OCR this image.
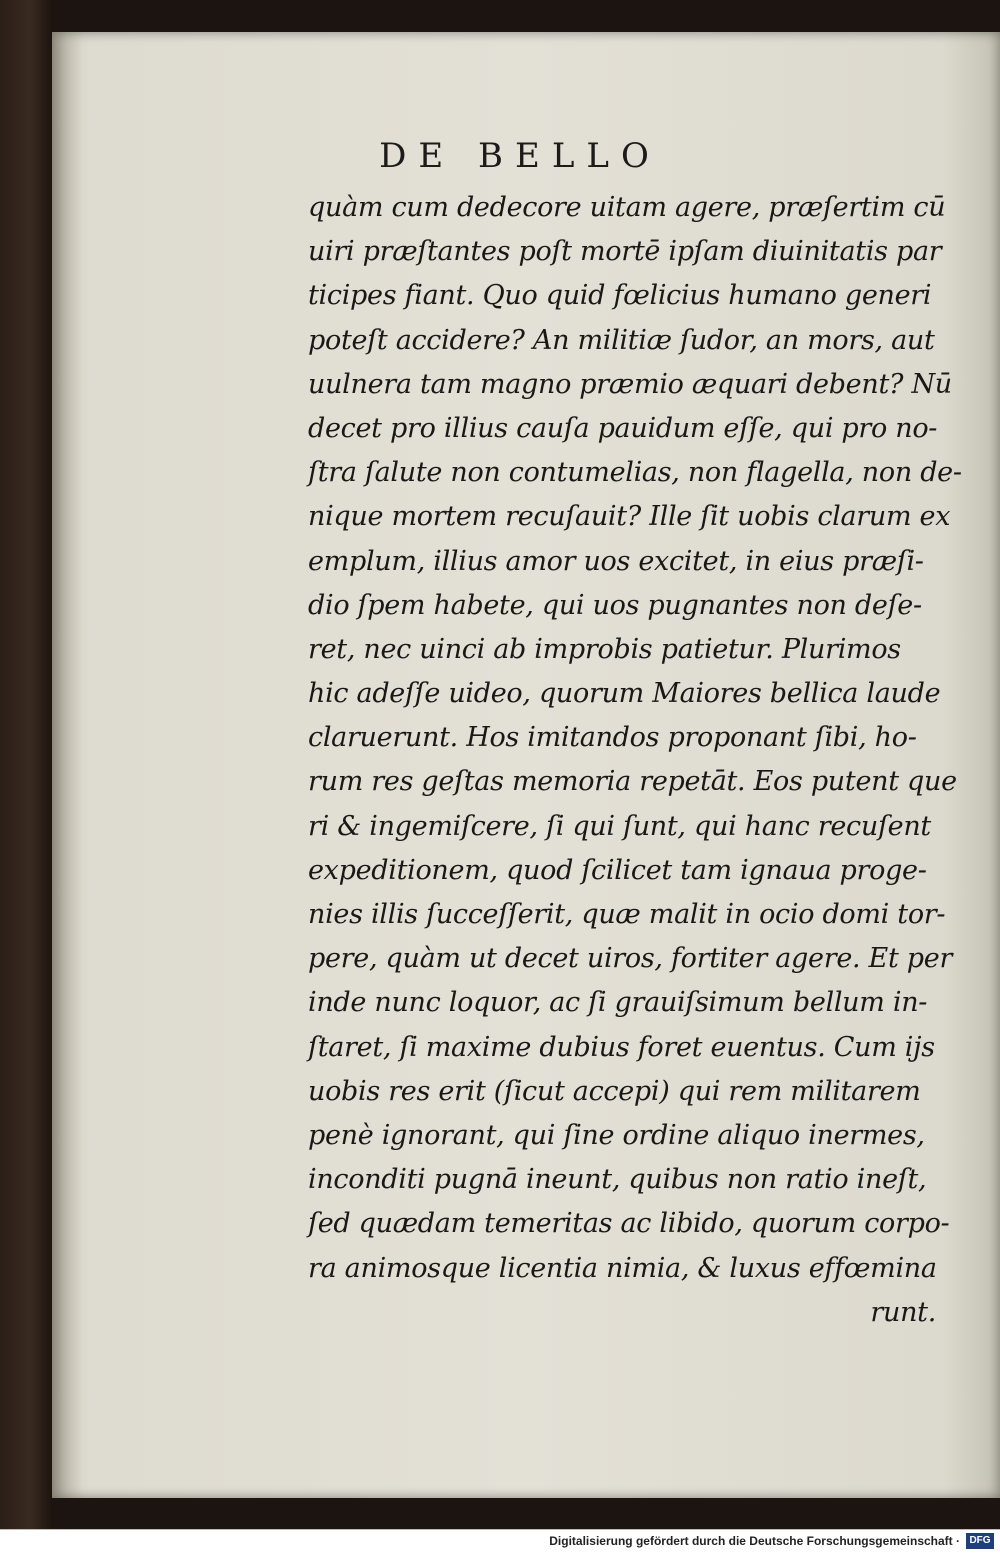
DE BELLO
quàm cum dedecore uitam agere, præſertim cū
uiri præſtantes poſt mortē ipſam diuinitatis par
ticipes fiant. Quo quid fœlicius humano generi
poteſt accidere? An militiæ ſudor, an mors, aut
uulnera tam magno præmio æquari debent? Nū
decet pro illius cauſa pauidum eſſe, qui pro no-
ſtra ſalute non contumelias, non flagella, non de-
nique mortem recuſauit? Ille ſit uobis clarum ex
emplum, illius amor uos excitet, in eius præſi-
dio ſpem habete, qui uos pugnantes non deſe-
ret, nec uinci ab improbis patietur. Plurimos
hic adeſſe uideo, quorum Maiores bellica laude
claruerunt. Hos imitandos proponant ſibi, ho-
rum res geſtas memoria repetāt. Eos putent que
ri & ingemiſcere, ſi qui ſunt, qui hanc recuſent
expeditionem, quod ſcilicet tam ignaua proge-
nies illis ſucceſſerit, quæ malit in ocio domi tor-
pere, quàm ut decet uiros, fortiter agere. Et per
inde nunc loquor, ac ſi grauiſsimum bellum in-
ſtaret, ſi maxime dubius foret euentus. Cum ijs
uobis res erit (ſicut accepi) qui rem militarem
penè ignorant, qui ſine ordine aliquo inermes,
inconditi pugnā ineunt, quibus non ratio ineſt,
ſed quædam temeritas ac libido, quorum corpo-
ra animosque licentia nimia, & luxus effœmina
runt.
Digitalisierung gefördert durch die Deutsche Forschungsgemeinschaft · DFG
